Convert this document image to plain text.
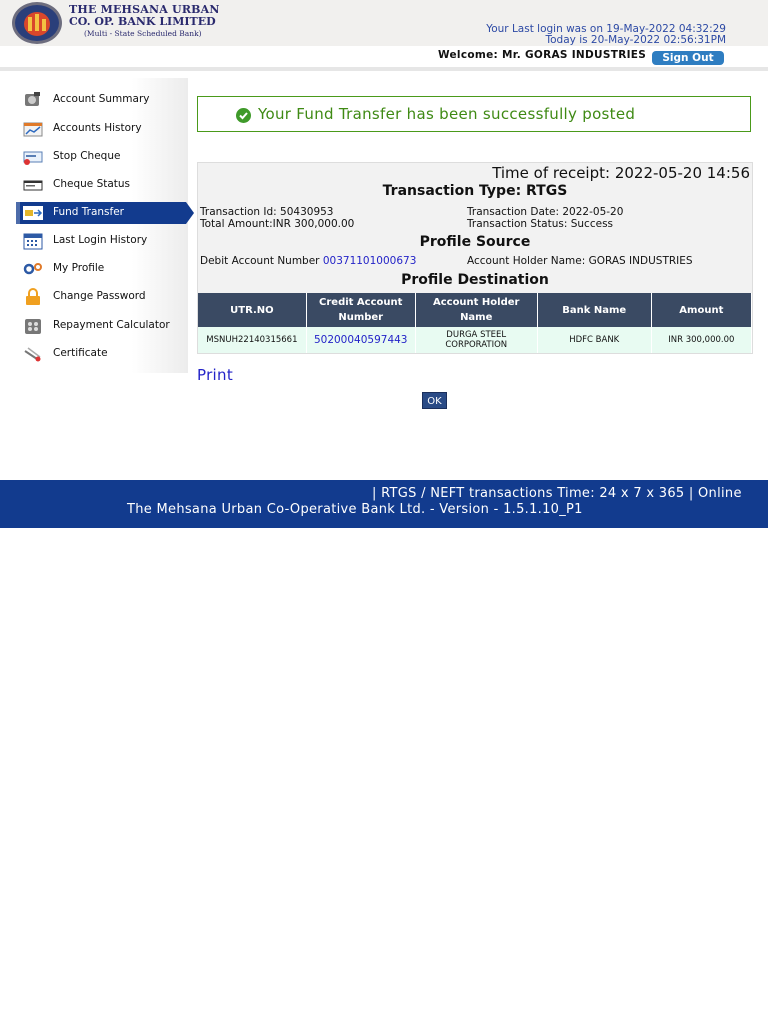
THE MEHSANA URBAN
CO. OP. BANK LIMITED
(Multi - State Scheduled Bank)	Your Last login was on 19-May-2022 04:32:29
Today is 20-May-2022 02:56:31PM
Welcome: Mr. GORAS INDUSTRIES	Sign Out
Account Summary
Accounts History
Stop Cheque
Cheque Status
Fund Transfer
Last Login History
My Profile
Change Password
Repayment Calculator
Certificate
Your Fund Transfer has been successfully posted
Time of receipt: 2022-05-20 14:56
Transaction Type: RTGS
Transaction Id: 50430953
Total Amount:INR 300,000.00
Transaction Date: 2022-05-20
Transaction Status: Success
Profile Source
Debit Account Number 00371101000673	Account Holder Name: GORAS INDUSTRIES
Profile Destination
UTR.NO	Credit Account Number	Account Holder Name	Bank Name	Amount
MSNUH22140315661	50200040597443	DURGA STEEL CORPORATION	HDFC BANK	INR 300,000.00
Print
OK
| RTGS / NEFT transactions Time: 24 x 7 x 365 | Online
The Mehsana Urban Co-Operative Bank Ltd. - Version - 1.5.1.10_P1
